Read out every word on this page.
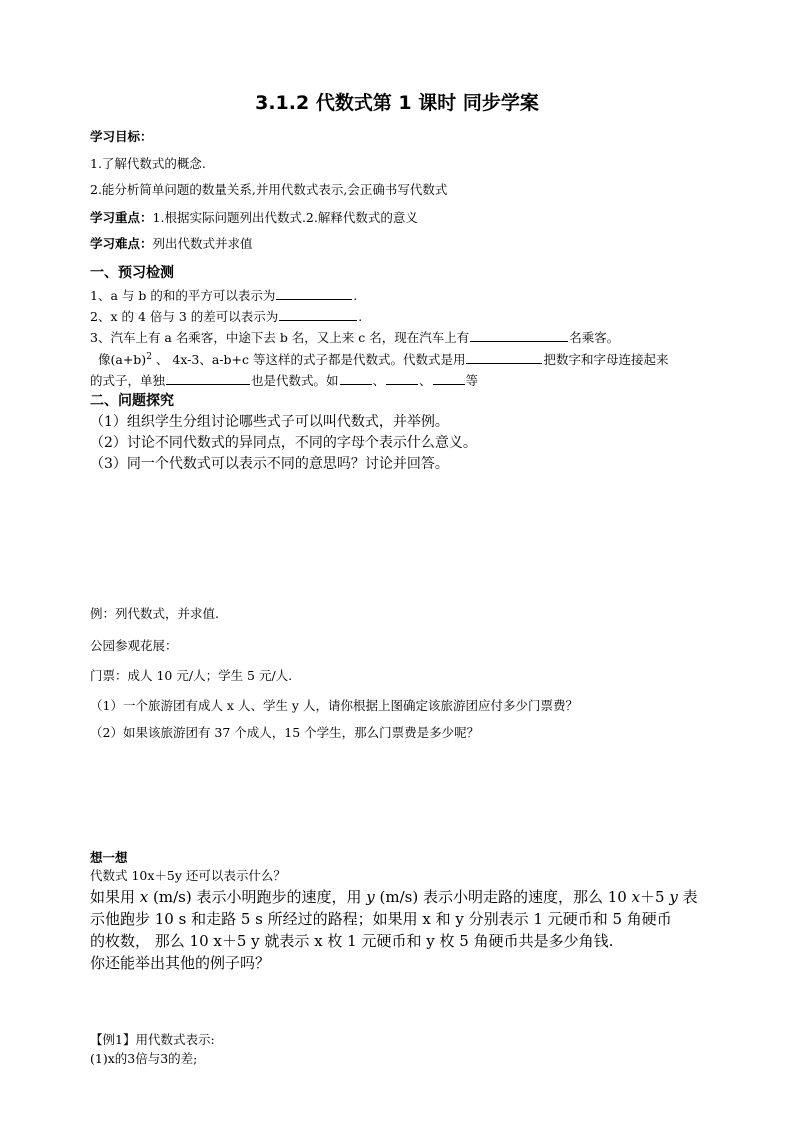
3.1.2 代数式第 1 课时 同步学案
学习目标：
1.了解代数式的概念.
2.能分析简单问题的数量关系,并用代数式表示,会正确书写代数式
学习重点：1.根据实际问题列出代数式.2.解释代数式的意义
学习难点：列出代数式并求值
一、预习检测
1、a 与 b 的和的平方可以表示为	.
2、x 的 4 倍与 3 的差可以表示为	.
3、汽车上有 a 名乘客，中途下去 b 名，又上来 c 名，现在汽车上有	名乘客。
像$(a+b)^2$ 、 4x-3、a-b+c 等这样的式子都是代数式。代数式是用	把数字和字母连接起来
的式子，单独	也是代数式。如	、	、	等
二、问题探究
（1）组织学生分组讨论哪些式子可以叫代数式，并举例。
（2）讨论不同代数式的异同点，不同的字母个表示什么意义。
（3）同一个代数式可以表示不同的意思吗？讨论并回答。
例：列代数式，并求值.
公园参观花展：
门票：成人 10 元/人；学生 5 元/人.
（1）一个旅游团有成人 x 人、学生 y 人，请你根据上图确定该旅游团应付多少门票费？
（2）如果该旅游团有 37 个成人，15 个学生，那么门票费是多少呢？
想一想
代数式 10x＋5y 还可以表示什么？
如果用 x (m/s) 表示小明跑步的速度，用 y (m/s) 表示小明走路的速度，那么 10 x＋5 y 表
示他跑步 10 s 和走路 5 s 所经过的路程；如果用 x 和 y 分别表示 1 元硬币和 5 角硬币
的枚数， 那么 10 x＋5 y 就表示 x 枚 1 元硬币和 y 枚 5 角硬币共是多少角钱.
你还能举出其他的例子吗？
【例1】用代数式表示:
(1)x的3倍与3的差;
